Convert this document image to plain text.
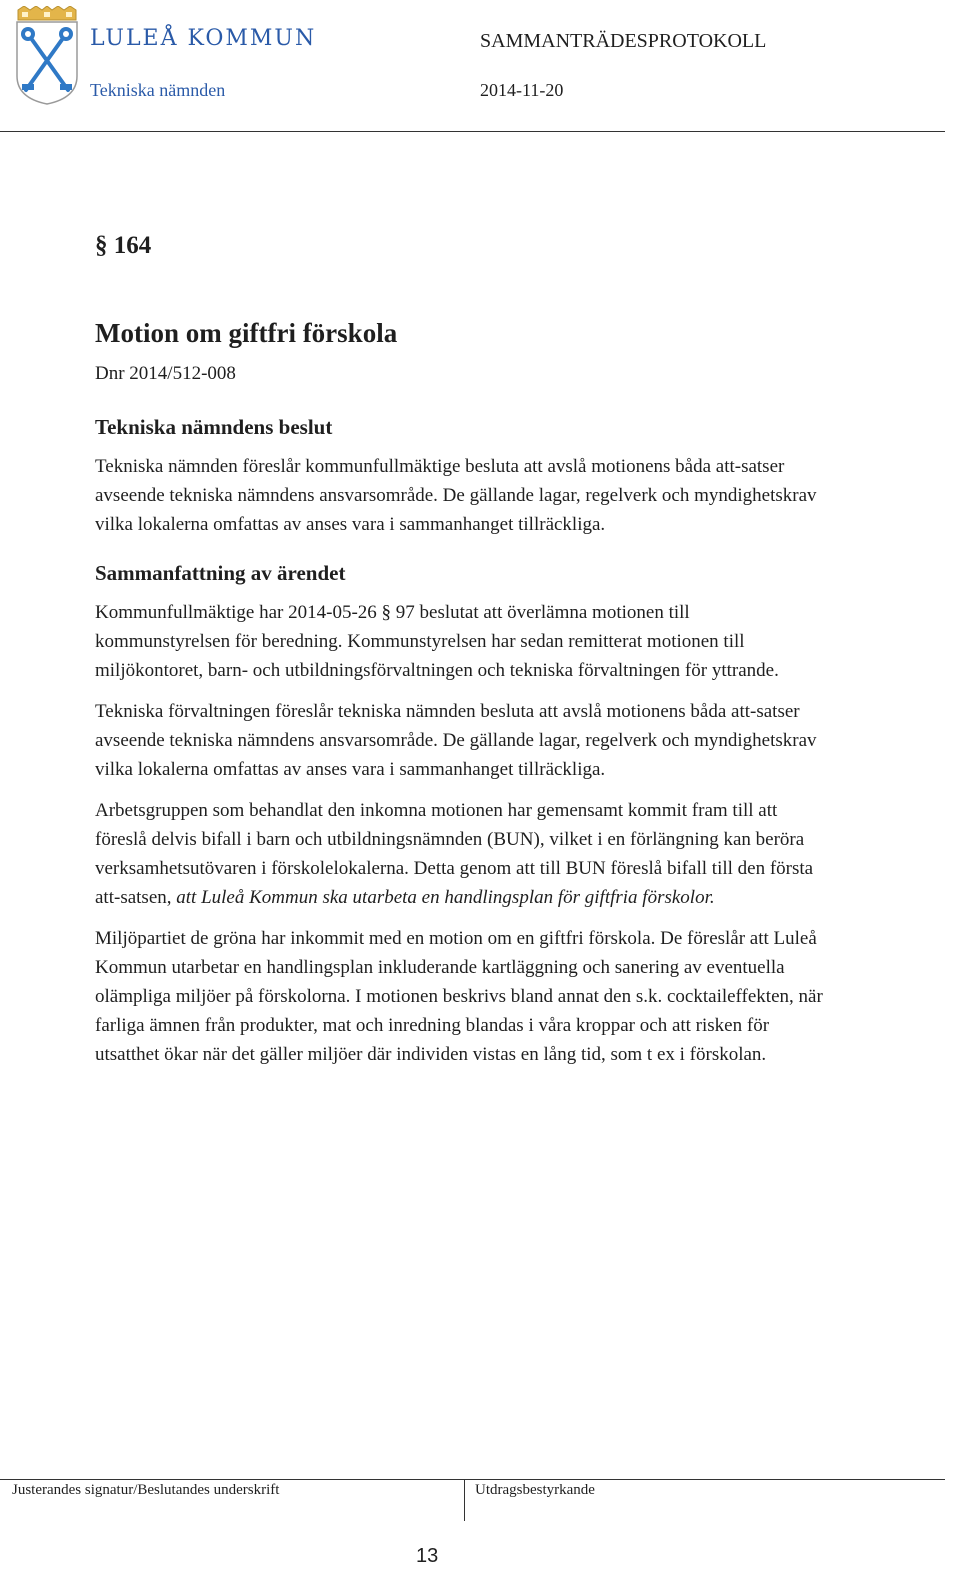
LULEÅ KOMMUN
Tekniska nämnden
SAMMANTRÄDESPROTOKOLL
2014-11-20
§ 164
Motion om giftfri förskola
Dnr 2014/512-008
Tekniska nämndens beslut

Tekniska nämnden föreslår kommunfullmäktige besluta att avslå motionens båda att-satser avseende tekniska nämndens ansvarsområde. De gällande lagar, regelverk och myndighetskrav vilka lokalerna omfattas av anses vara i sammanhanget tillräckliga.

Sammanfattning av ärendet

Kommunfullmäktige har 2014-05-26 § 97 beslutat att överlämna motionen till kommunstyrelsen för beredning. Kommunstyrelsen har sedan remitterat motionen till miljökontoret, barn- och utbildningsförvaltningen och tekniska förvaltningen för yttrande.

Tekniska förvaltningen föreslår tekniska nämnden besluta att avslå motionens båda att-satser avseende tekniska nämndens ansvarsområde. De gällande lagar, regelverk och myndighetskrav vilka lokalerna omfattas av anses vara i sammanhanget tillräckliga.

Arbetsgruppen som behandlat den inkomna motionen har gemensamt kommit fram till att föreslå delvis bifall i barn och utbildningsnämnden (BUN), vilket i en förlängning kan beröra verksamhetsutövaren i förskolelokalerna. Detta genom att till BUN föreslå bifall till den första att-satsen, att Luleå Kommun ska utarbeta en handlingsplan för giftfria förskolor.

Miljöpartiet de gröna har inkommit med en motion om en giftfri förskola. De föreslår att Luleå Kommun utarbetar en handlingsplan inkluderande kartläggning och sanering av eventuella olämpliga miljöer på förskolorna. I motionen beskrivs bland annat den s.k. cocktaileffekten, när farliga ämnen från produkter, mat och inredning blandas i våra kroppar och att risken för utsatthet ökar när det gäller miljöer där individen vistas en lång tid, som t ex i förskolan.

Justerandes signatur/Beslutandes underskrift	Utdragsbestyrkande
13
